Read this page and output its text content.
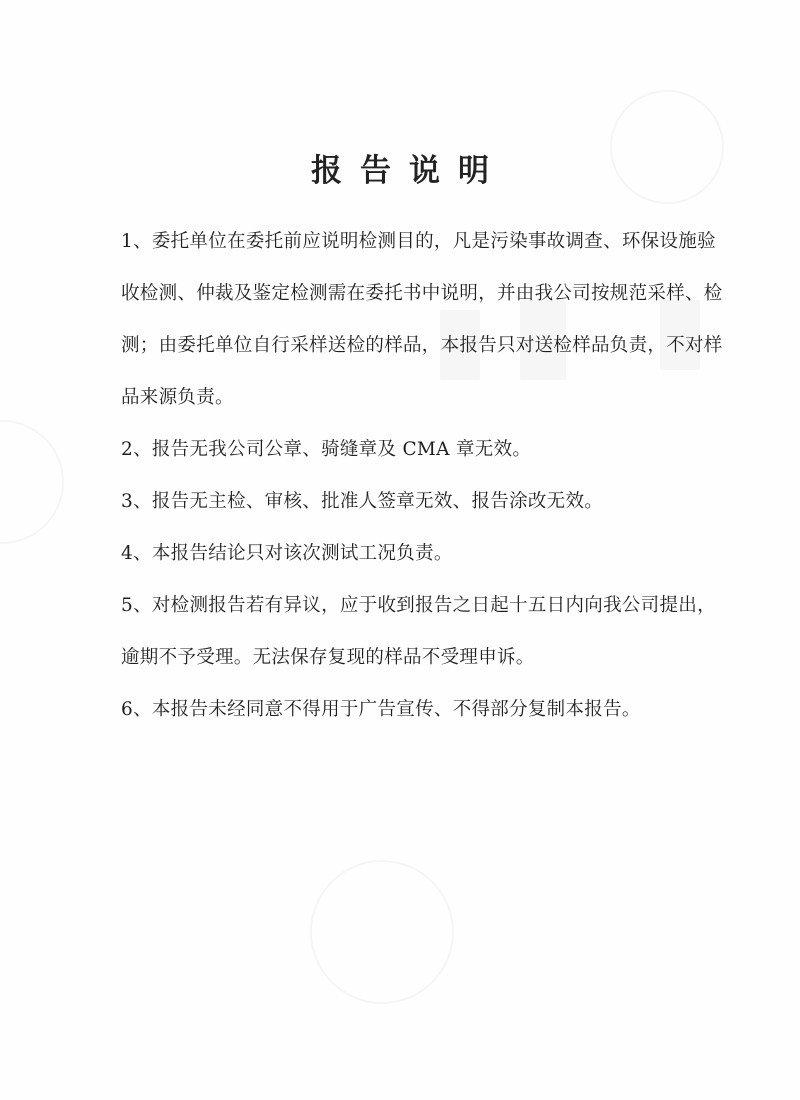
报告说明
1、委托单位在委托前应说明检测目的，凡是污染事故调查、环保设施验
收检测、仲裁及鉴定检测需在委托书中说明，并由我公司按规范采样、检
测；由委托单位自行采样送检的样品，本报告只对送检样品负责，不对样
品来源负责。
2、报告无我公司公章、骑缝章及 CMA 章无效。
3、报告无主检、审核、批准人签章无效、报告涂改无效。
4、本报告结论只对该次测试工况负责。
5、对检测报告若有异议，应于收到报告之日起十五日内向我公司提出，
逾期不予受理。无法保存复现的样品不受理申诉。
6、本报告未经同意不得用于广告宣传、不得部分复制本报告。
